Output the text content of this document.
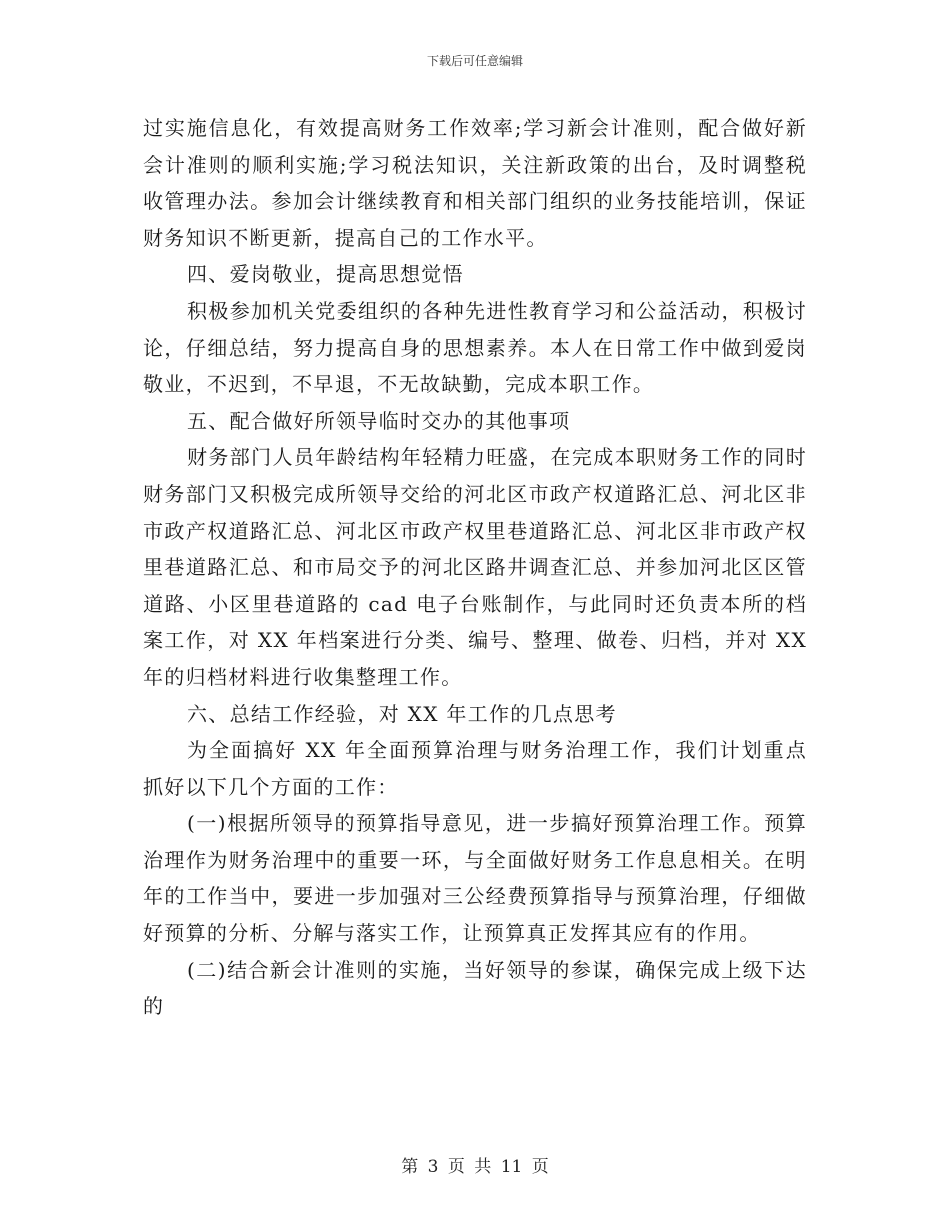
下载后可任意编辑

过实施信息化，有效提高财务工作效率;学习新会计准则，配合做好新会计准则的顺利实施;学习税法知识，关注新政策的出台，及时调整税收管理办法。参加会计继续教育和相关部门组织的业务技能培训，保证财务知识不断更新，提高自己的工作水平。

四、爱岗敬业，提高思想觉悟

积极参加机关党委组织的各种先进性教育学习和公益活动，积极讨论，仔细总结，努力提高自身的思想素养。本人在日常工作中做到爱岗敬业，不迟到，不早退，不无故缺勤，完成本职工作。

五、配合做好所领导临时交办的其他事项

财务部门人员年龄结构年轻精力旺盛，在完成本职财务工作的同时财务部门又积极完成所领导交给的河北区市政产权道路汇总、河北区非市政产权道路汇总、河北区市政产权里巷道路汇总、河北区非市政产权里巷道路汇总、和市局交予的河北区路井调查汇总、并参加河北区区管道路、小区里巷道路的 cad 电子台账制作，与此同时还负责本所的档案工作，对 XX 年档案进行分类、编号、整理、做卷、归档，并对 XX 年的归档材料进行收集整理工作。

六、总结工作经验，对 XX 年工作的几点思考

为全面搞好 XX 年全面预算治理与财务治理工作，我们计划重点抓好以下几个方面的工作：

(一)根据所领导的预算指导意见，进一步搞好预算治理工作。预算治理作为财务治理中的重要一环，与全面做好财务工作息息相关。在明年的工作当中，要进一步加强对三公经费预算指导与预算治理，仔细做好预算的分析、分解与落实工作，让预算真正发挥其应有的作用。

(二)结合新会计准则的实施，当好领导的参谋，确保完成上级下达的

第 3 页 共 11 页
